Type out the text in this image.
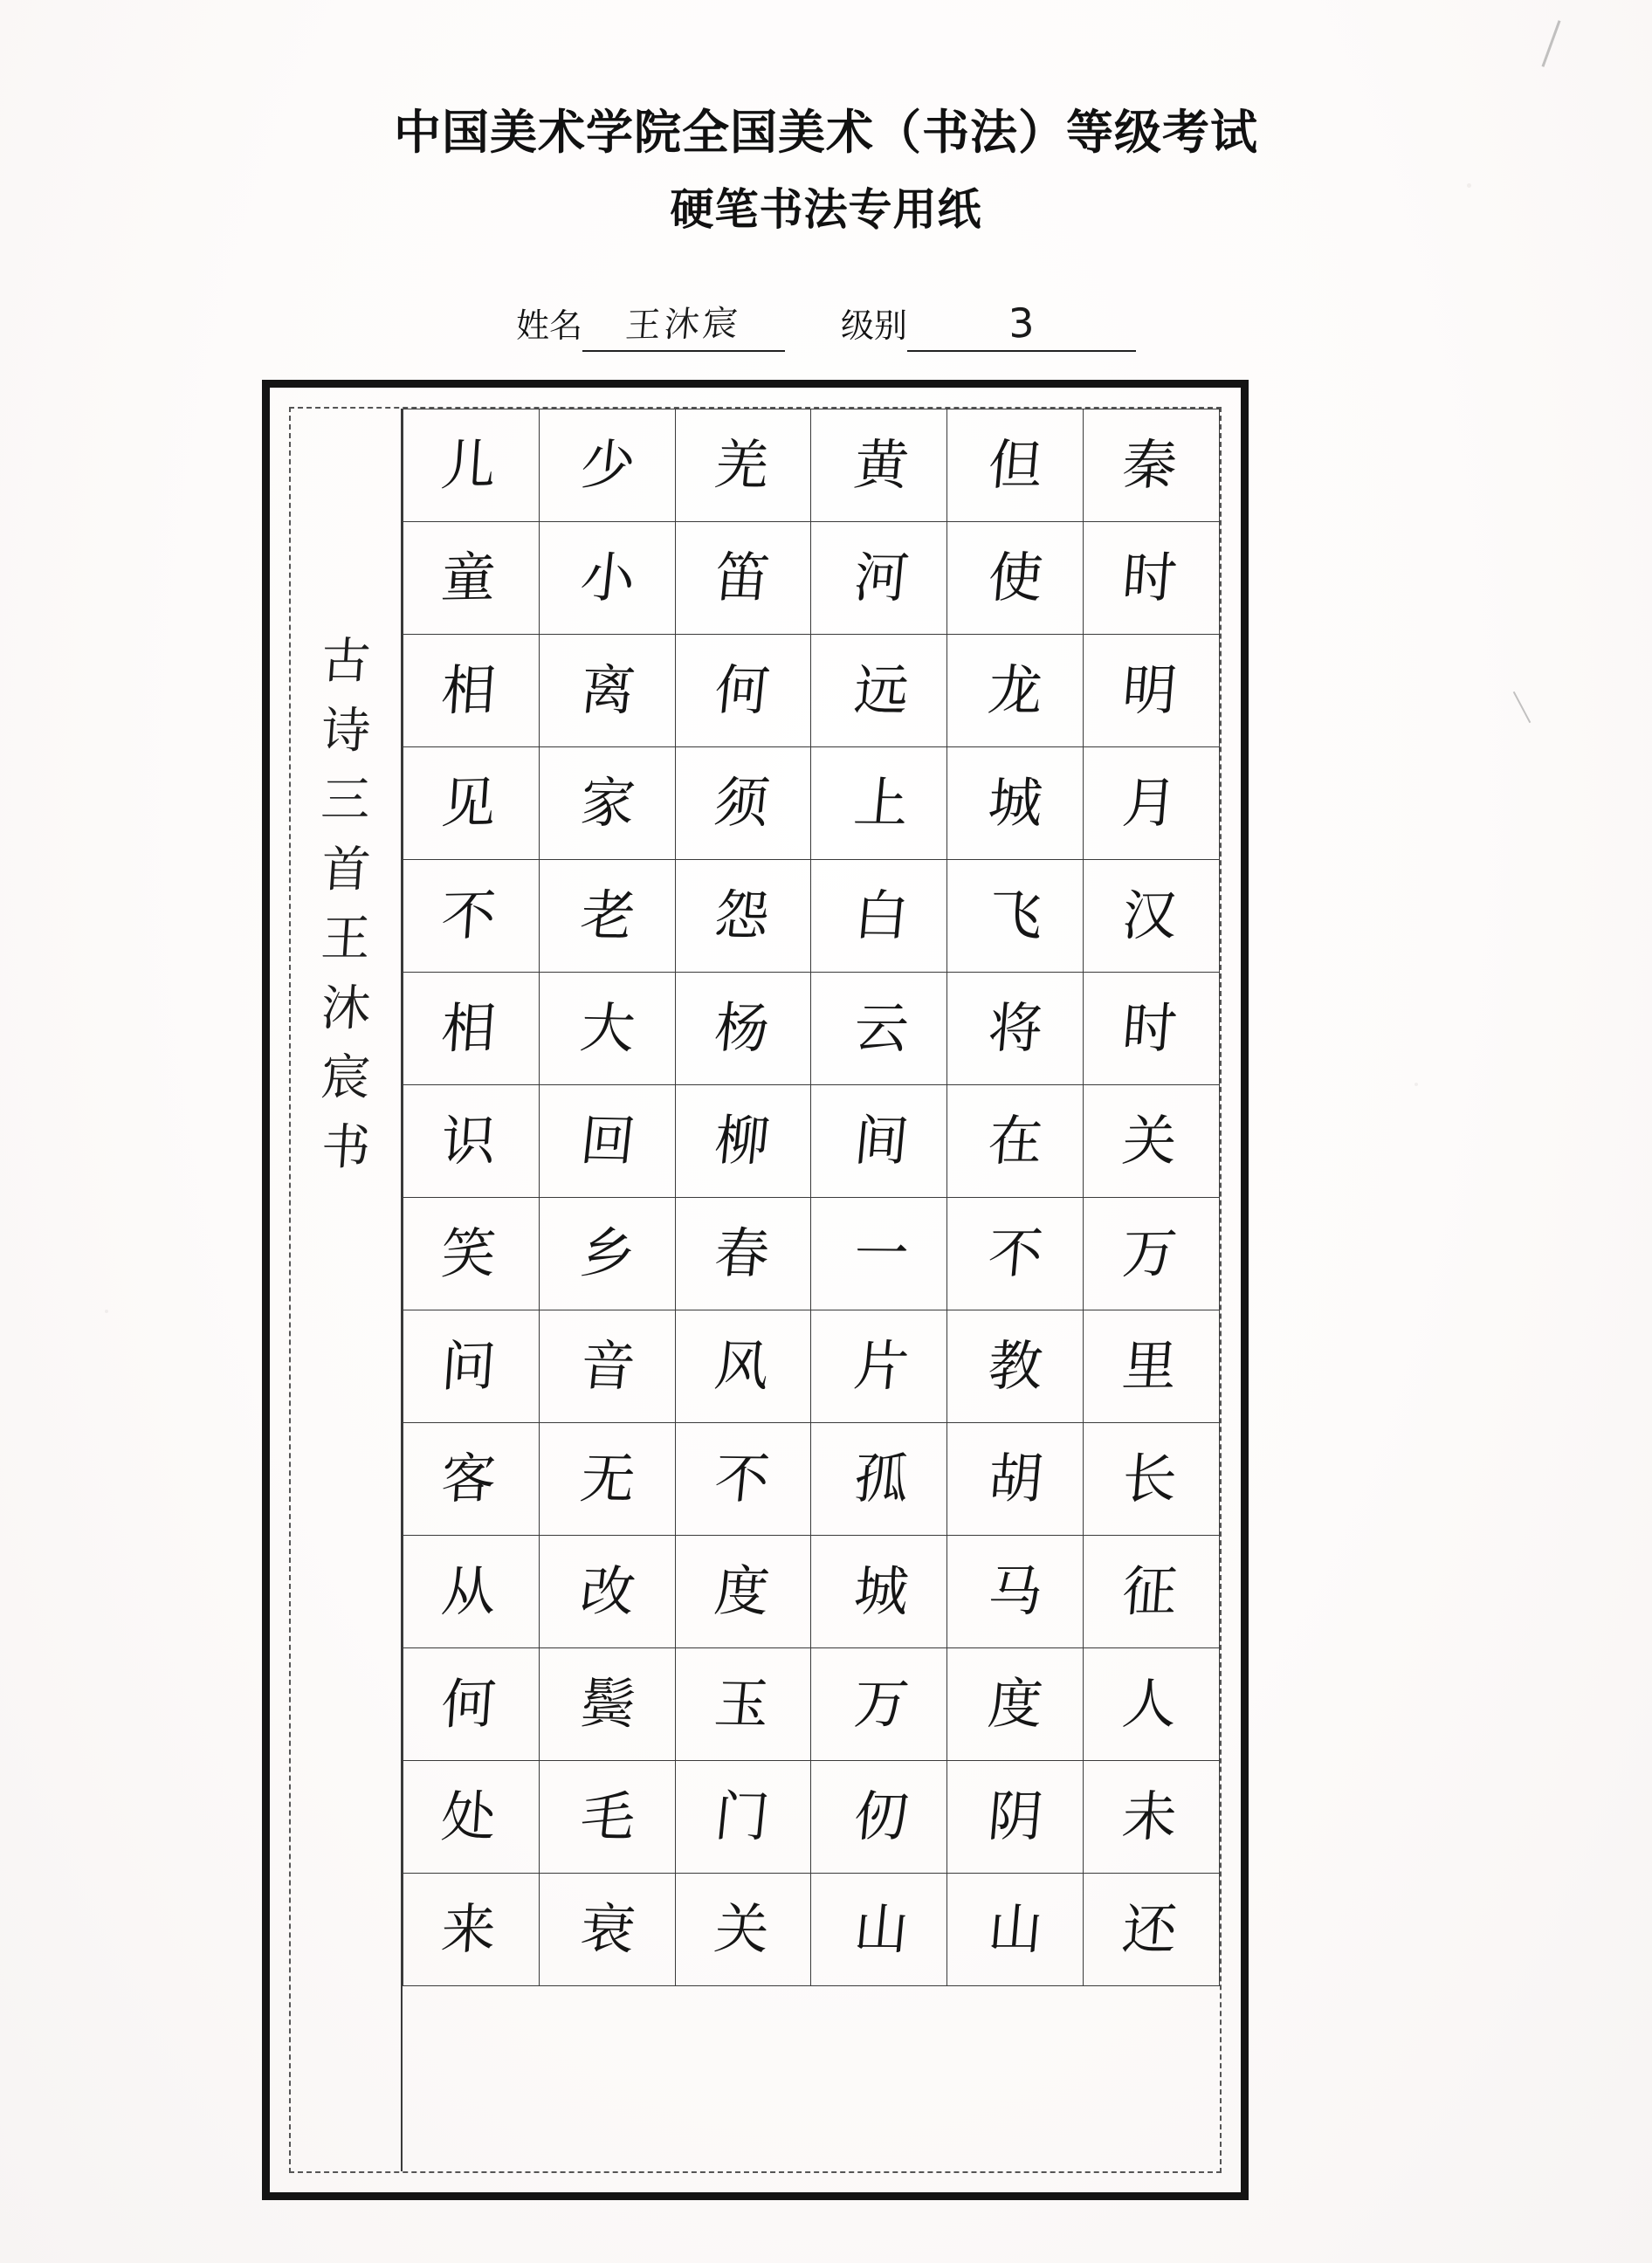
中国美术学院全国美术（书法）等级考试
硬笔书法专用纸
姓名	王沐宸	级别	3
古
诗
三
首
王
沐
宸
书
儿	少	羌	黄	但	秦
童	小	笛	河	使	时
相	离	何	远	龙	明
见	家	须	上	城	月
不	老	怨	白	飞	汉
相	大	杨	云	将	时
识	回	柳	间	在	关
笑	乡	春	一	不	万
问	音	风	片	教	里
客	无	不	孤	胡	长
从	改	度	城	马	征
何	鬓	玉	万	度	人
处	毛	门	仞	阴	未
来	衰	关	山	山	还
